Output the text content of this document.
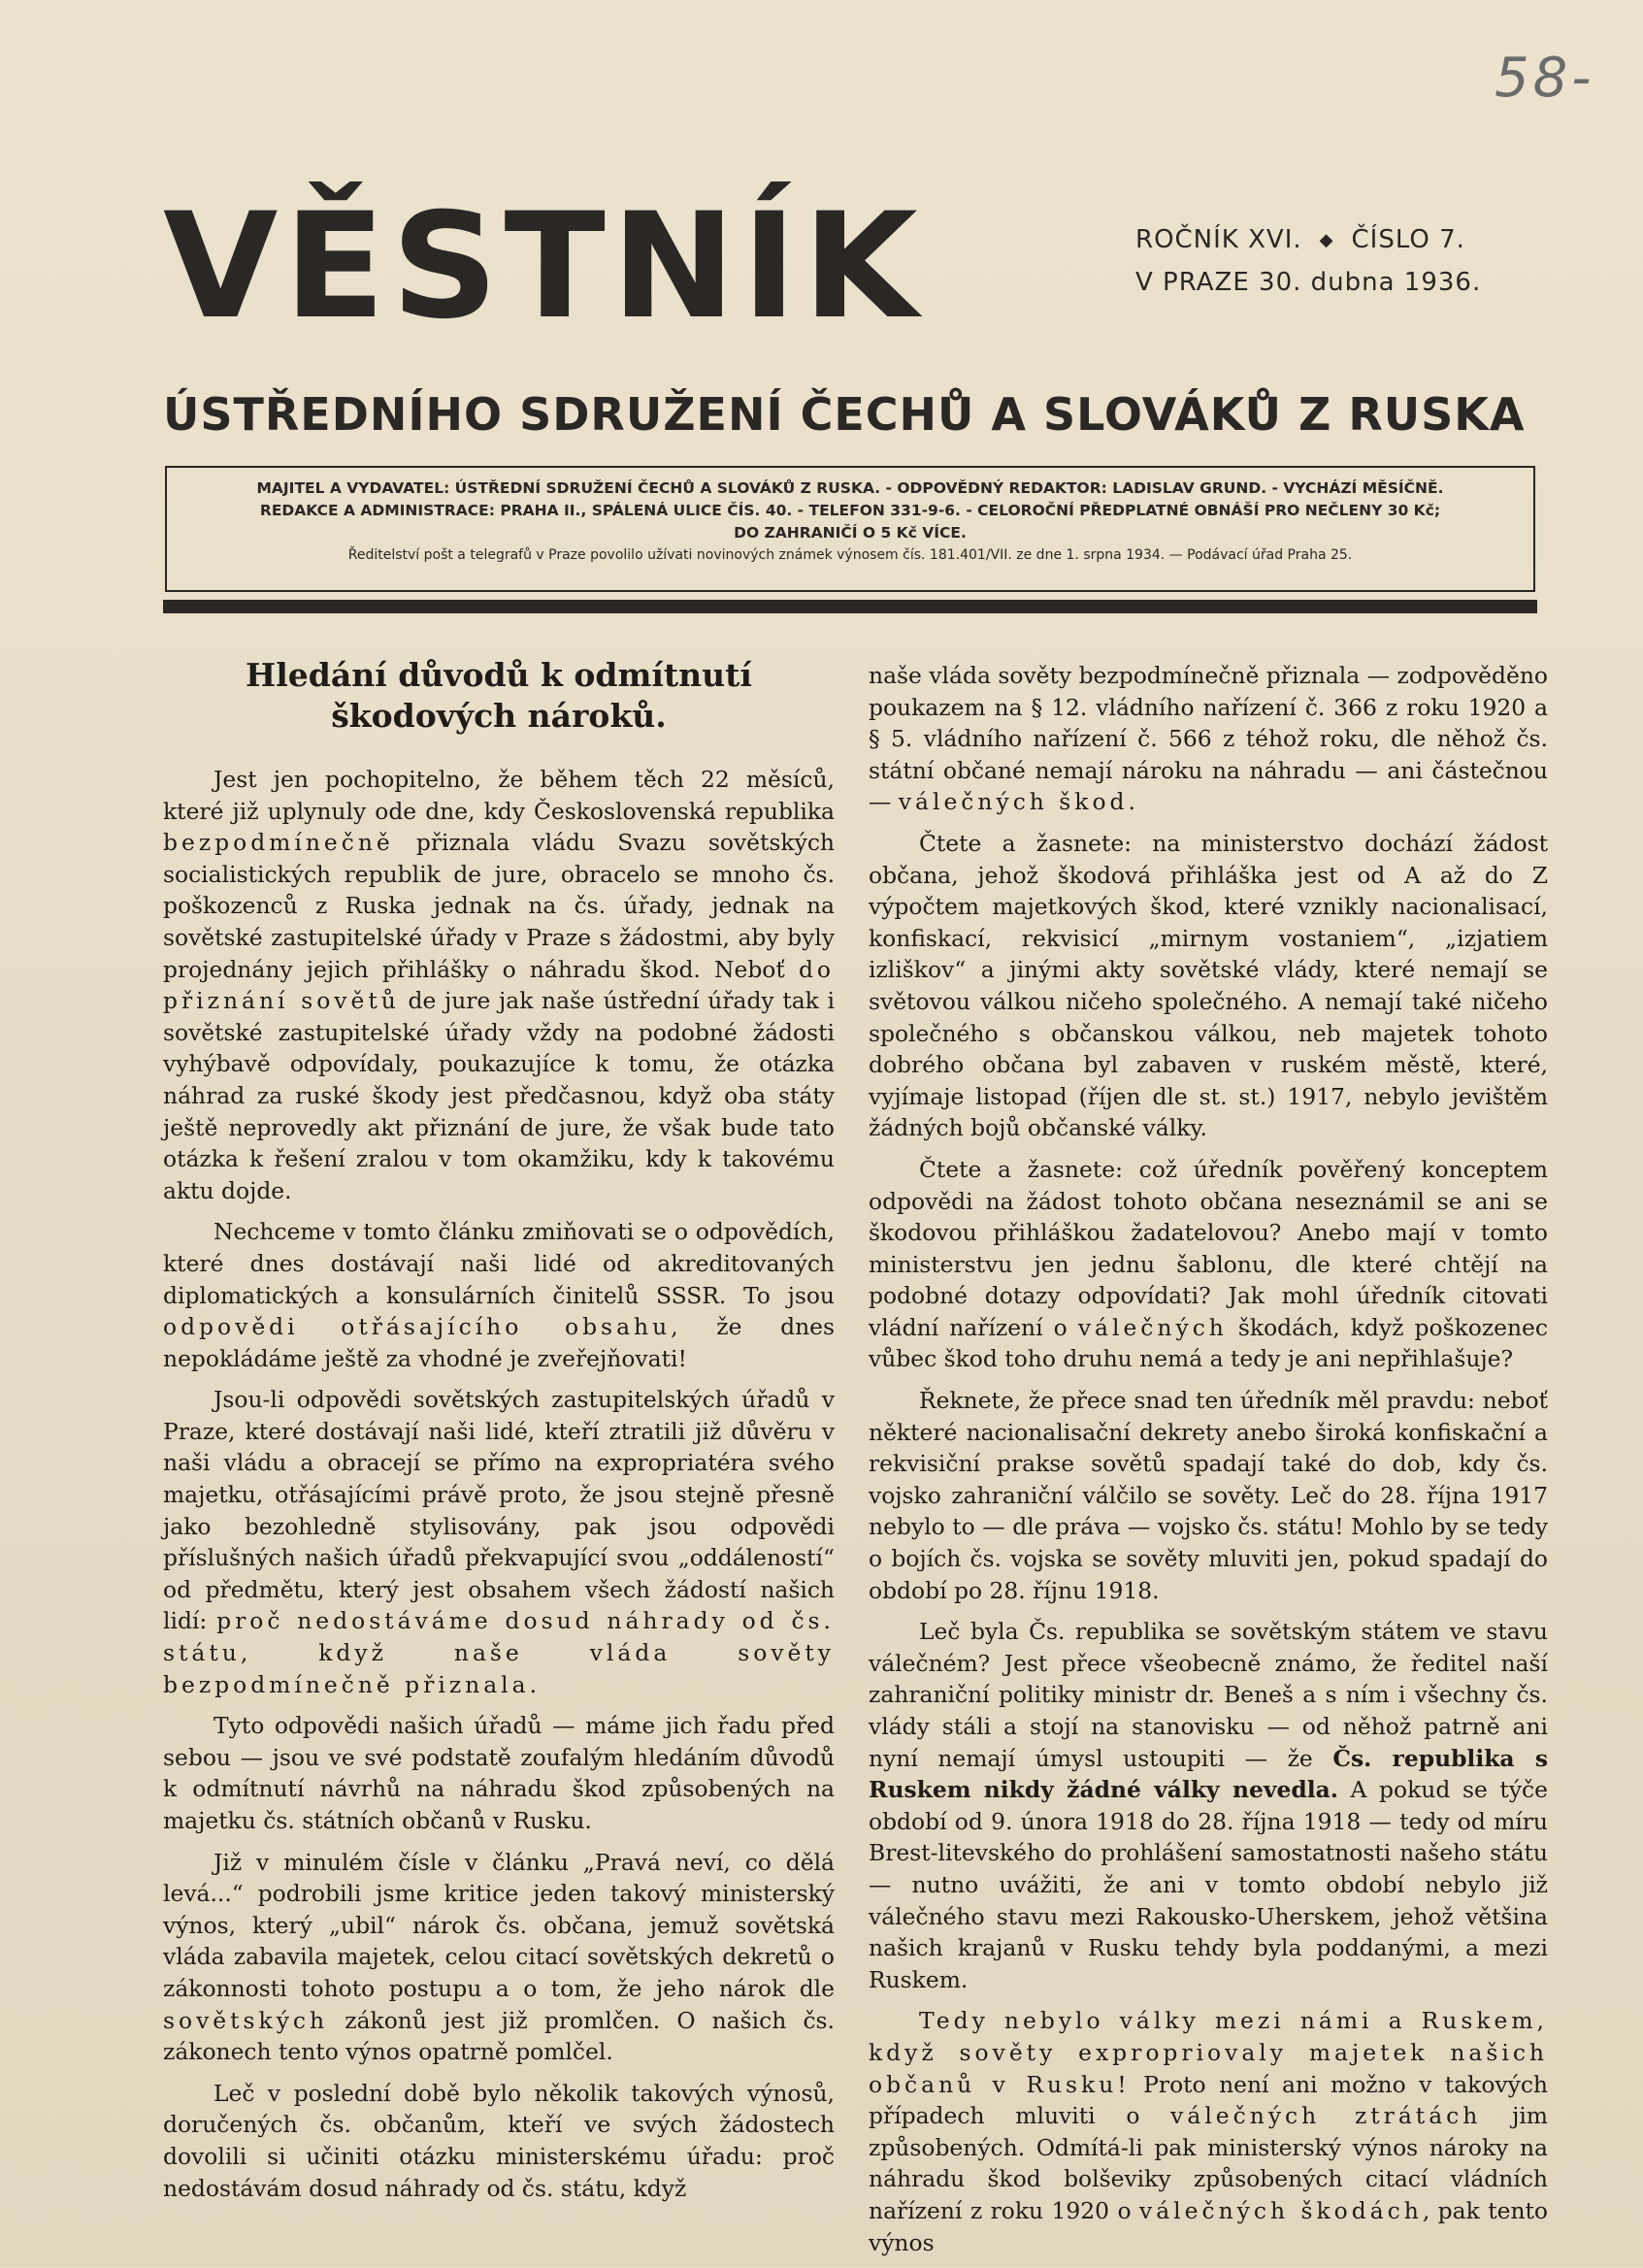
58-
VĚSTNÍK	ROČNÍK XVI. ◆ ČÍSLO 7.
V PRAZE 30. dubna 1936.
ÚSTŘEDNÍHO SDRUŽENÍ ČECHŮ A SLOVÁKŮ Z RUSKA
MAJITEL A VYDAVATEL: ÚSTŘEDNÍ SDRUŽENÍ ČECHŮ A SLOVÁKŮ Z RUSKA. - ODPOVĚDNÝ REDAKTOR: LADISLAV GRUND. - VYCHÁZÍ MĚSÍČNĚ.
REDAKCE A ADMINISTRACE: PRAHA II., SPÁLENÁ ULICE ČÍS. 40. - TELEFON 331-9-6. - CELOROČNÍ PŘEDPLATNÉ OBNÁŠÍ PRO NEČLENY 30 Kč;
DO ZAHRANIČÍ O 5 Kč VÍCE.
Ředitelství pošt a telegrafů v Praze povolilo užívati novinových známek výnosem čís. 181.401/VII. ze dne 1. srpna 1934. — Podávací úřad Praha 25.
Hledání důvodů k odmítnutí škodových nároků.

Jest jen pochopitelno, že během těch 22 měsíců, které již uplynuly ode dne, kdy Československá republika bezpodmínečně přiznala vládu Svazu sovětských socialistických republik de jure, obracelo se mnoho čs. poškozenců z Ruska jednak na čs. úřady, jednak na sovětské zastupitelské úřady v Praze s žádostmi, aby byly projednány jejich přihlášky o náhradu škod. Neboť do přiznání sovětů de jure jak naše ústřední úřady tak i sovětské zastupitelské úřady vždy na podobné žádosti vyhýbavě odpovídaly, poukazujíce k tomu, že otázka náhrad za ruské škody jest předčasnou, když oba státy ještě neprovedly akt přiznání de jure, že však bude tato otázka k řešení zralou v tom okamžiku, kdy k takovému aktu dojde.

Nechceme v tomto článku zmiňovati se o odpovědích, které dnes dostávají naši lidé od akreditovaných diplomatických a konsulárních činitelů SSSR. To jsou odpovědi otřásajícího obsahu, že dnes nepokládáme ještě za vhodné je zveřejňovati!

Jsou-li odpovědi sovětských zastupitelských úřadů v Praze, které dostávají naši lidé, kteří ztratili již důvěru v naši vládu a obracejí se přímo na expropriatéra svého majetku, otřásajícími právě proto, že jsou stejně přesně jako bezohledně stylisovány, pak jsou odpovědi příslušných našich úřadů překvapující svou „oddáleností“ od předmětu, který jest obsahem všech žádostí našich lidí: proč nedostáváme dosud náhrady od čs. státu, když naše vláda sověty bezpodmínečně přiznala.

Tyto odpovědi našich úřadů — máme jich řadu před sebou — jsou ve své podstatě zoufalým hledáním důvodů k odmítnutí návrhů na náhradu škod způsobených na majetku čs. státních občanů v Rusku.

Již v minulém čísle v článku „Pravá neví, co dělá levá...“ podrobili jsme kritice jeden takový ministerský výnos, který „ubil“ nárok čs. občana, jemuž sovětská vláda zabavila majetek, celou citací sovětských dekretů o zákonnosti tohoto postupu a o tom, že jeho nárok dle sovětských zákonů jest již promlčen. O našich čs. zákonech tento výnos opatrně pomlčel.

Leč v poslední době bylo několik takových výnosů, doručených čs. občanům, kteří ve svých žádostech dovolili si učiniti otázku ministerskému úřadu: proč nedostávám dosud náhrady od čs. státu, když

naše vláda sověty bezpodmínečně přiznala — zodpověděno poukazem na § 12. vládního nařízení č. 366 z roku 1920 a § 5. vládního nařízení č. 566 z téhož roku, dle něhož čs. státní občané nemají nároku na náhradu — ani částečnou — válečných škod.

Čtete a žasnete: na ministerstvo dochází žádost občana, jehož škodová přihláška jest od A až do Z výpočtem majetkových škod, které vznikly nacionalisací, konfiskací, rekvisicí „mirnym vostaniem“, „izjatiem izliškov“ a jinými akty sovětské vlády, které nemají se světovou válkou ničeho společného. A nemají také ničeho společného s občanskou válkou, neb majetek tohoto dobrého občana byl zabaven v ruském městě, které, vyjímaje listopad (říjen dle st. st.) 1917, nebylo jevištěm žádných bojů občanské války.

Čtete a žasnete: což úředník pověřený konceptem odpovědi na žádost tohoto občana neseznámil se ani se škodovou přihláškou žadatelovou? Anebo mají v tomto ministerstvu jen jednu šablonu, dle které chtějí na podobné dotazy odpovídati? Jak mohl úředník citovati vládní nařízení o válečných škodách, když poškozenec vůbec škod toho druhu nemá a tedy je ani nepřihlašuje?

Řeknete, že přece snad ten úředník měl pravdu: neboť některé nacionalisační dekrety anebo široká konfiskační a rekvisiční prakse sovětů spadají také do dob, kdy čs. vojsko zahraniční válčilo se sověty. Leč do 28. října 1917 nebylo to — dle práva — vojsko čs. státu! Mohlo by se tedy o bojích čs. vojska se sověty mluviti jen, pokud spadají do období po 28. říjnu 1918.

Leč byla Čs. republika se sovětským státem ve stavu válečném? Jest přece všeobecně známo, že ředitel naší zahraniční politiky ministr dr. Beneš a s ním i všechny čs. vlády stáli a stojí na stanovisku — od něhož patrně ani nyní nemají úmysl ustoupiti — že Čs. republika s Ruskem nikdy žádné války nevedla. A pokud se týče období od 9. února 1918 do 28. října 1918 — tedy od míru Brest-litevského do prohlášení samostatnosti našeho státu — nutno uvážiti, že ani v tomto období nebylo již válečného stavu mezi Rakousko-Uherskem, jehož většina našich krajanů v Rusku tehdy byla poddanými, a mezi Ruskem.

Tedy nebylo války mezi námi a Ruskem, když sověty expropriovaly majetek našich občanů v Rusku! Proto není ani možno v takových případech mluviti o válečných ztrátách jim způsobených. Odmítá-li pak ministerský výnos nároky na náhradu škod bolševiky způsobených citací vládních nařízení z roku 1920 o válečných škodách, pak tento výnos
